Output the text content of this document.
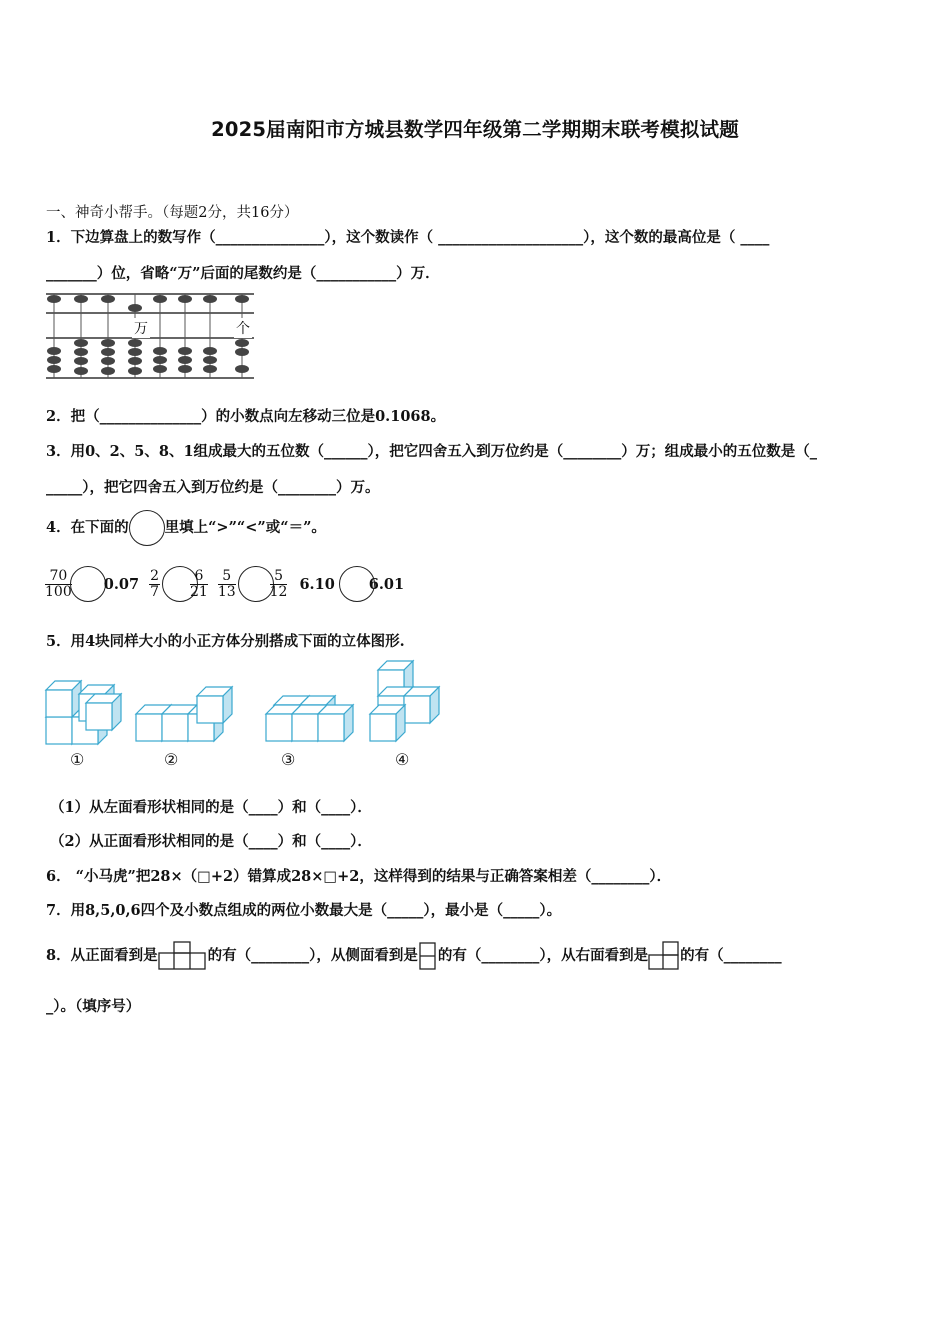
2025届南阳市方城县数学四年级第二学期期末联考模拟试题
一、神奇小帮手。（每题2分，共16分）
1．下边算盘上的数写作（_______________），这个数读作（ ____________________），这个数的最高位是（ ____
_______）位，省略“万”后面的尾数约是（___________）万．
万	个
2．把（______________）的小数点向左移动三位是0.1068。
3．用0、2、5、8、1组成最大的五位数（______），把它四舍五入到万位约是（________）万；组成最小的五位数是（_
_____），把它四舍五入到万位约是（________）万。
4．在下面的 里填上“>”“<”或“＝”。
$\frac{70}{100} 0.07 \frac{2}{7} \frac{6}{21} \frac{5}{13} \frac{5}{12} 6.10$ 6.01
5．用4块同样大小的小正方体分别搭成下面的立体图形.
①	②	③	④
（1）从左面看形状相同的是（____）和（____）．
（2）从正面看形状相同的是（____）和（____）．
6． “小马虎”把28×（□+2）错算成28×□+2，这样得到的结果与正确答案相差（________）．
7．用8,5,0,6四个及小数点组成的两位小数最大是（_____），最小是（_____）。
8．从正面看到是	的有（________），从侧面看到是 的有（________），从右面看到是 的有（________
_）。（填序号）
